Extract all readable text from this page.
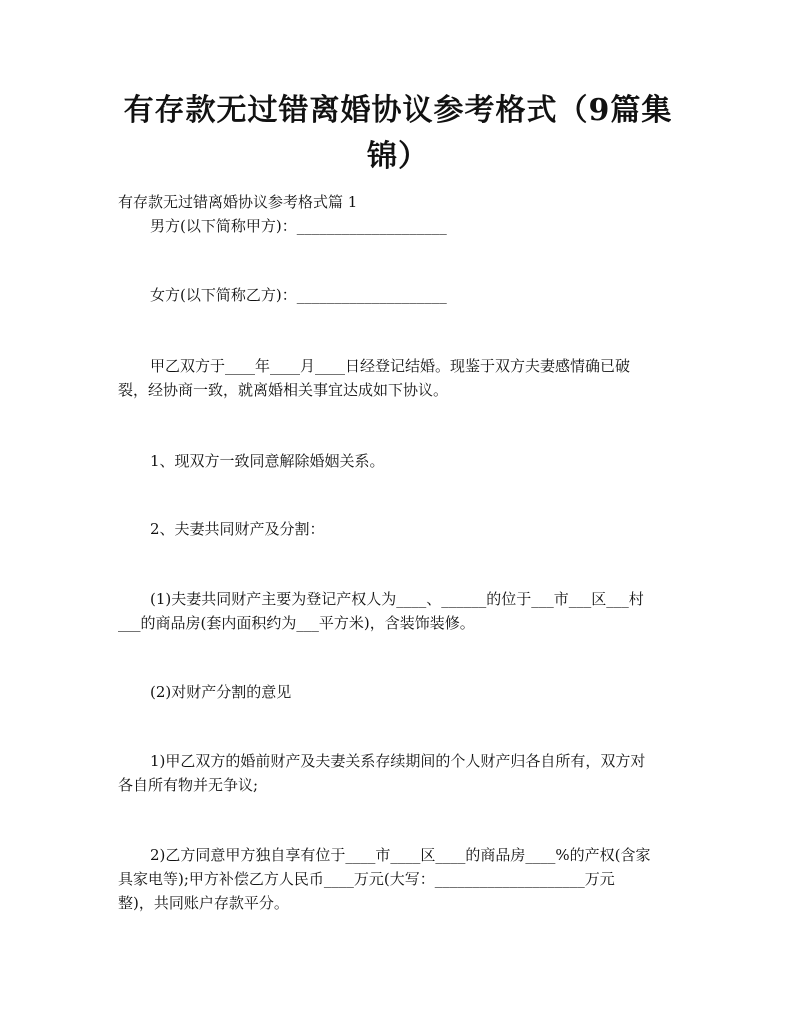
有存款无过错离婚协议参考格式（9篇集锦）
有存款无过错离婚协议参考格式篇 1
男方(以下简称甲方)：____________________
女方(以下简称乙方)：____________________
甲乙双方于____年____月____日经登记结婚。现鉴于双方夫妻感情确已破
裂，经协商一致，就离婚相关事宜达成如下协议。
1、现双方一致同意解除婚姻关系。
2、夫妻共同财产及分割：
(1)夫妻共同财产主要为登记产权人为____、______的位于___市___区___村
___的商品房(套内面积约为___平方米)，含装饰装修。
(2)对财产分割的意见
1)甲乙双方的婚前财产及夫妻关系存续期间的个人财产归各自所有，双方对
各自所有物并无争议;
2)乙方同意甲方独自享有位于____市____区____的商品房____%的产权(含家
具家电等);甲方补偿乙方人民币____万元(大写：____________________万元
整)，共同账户存款平分。
